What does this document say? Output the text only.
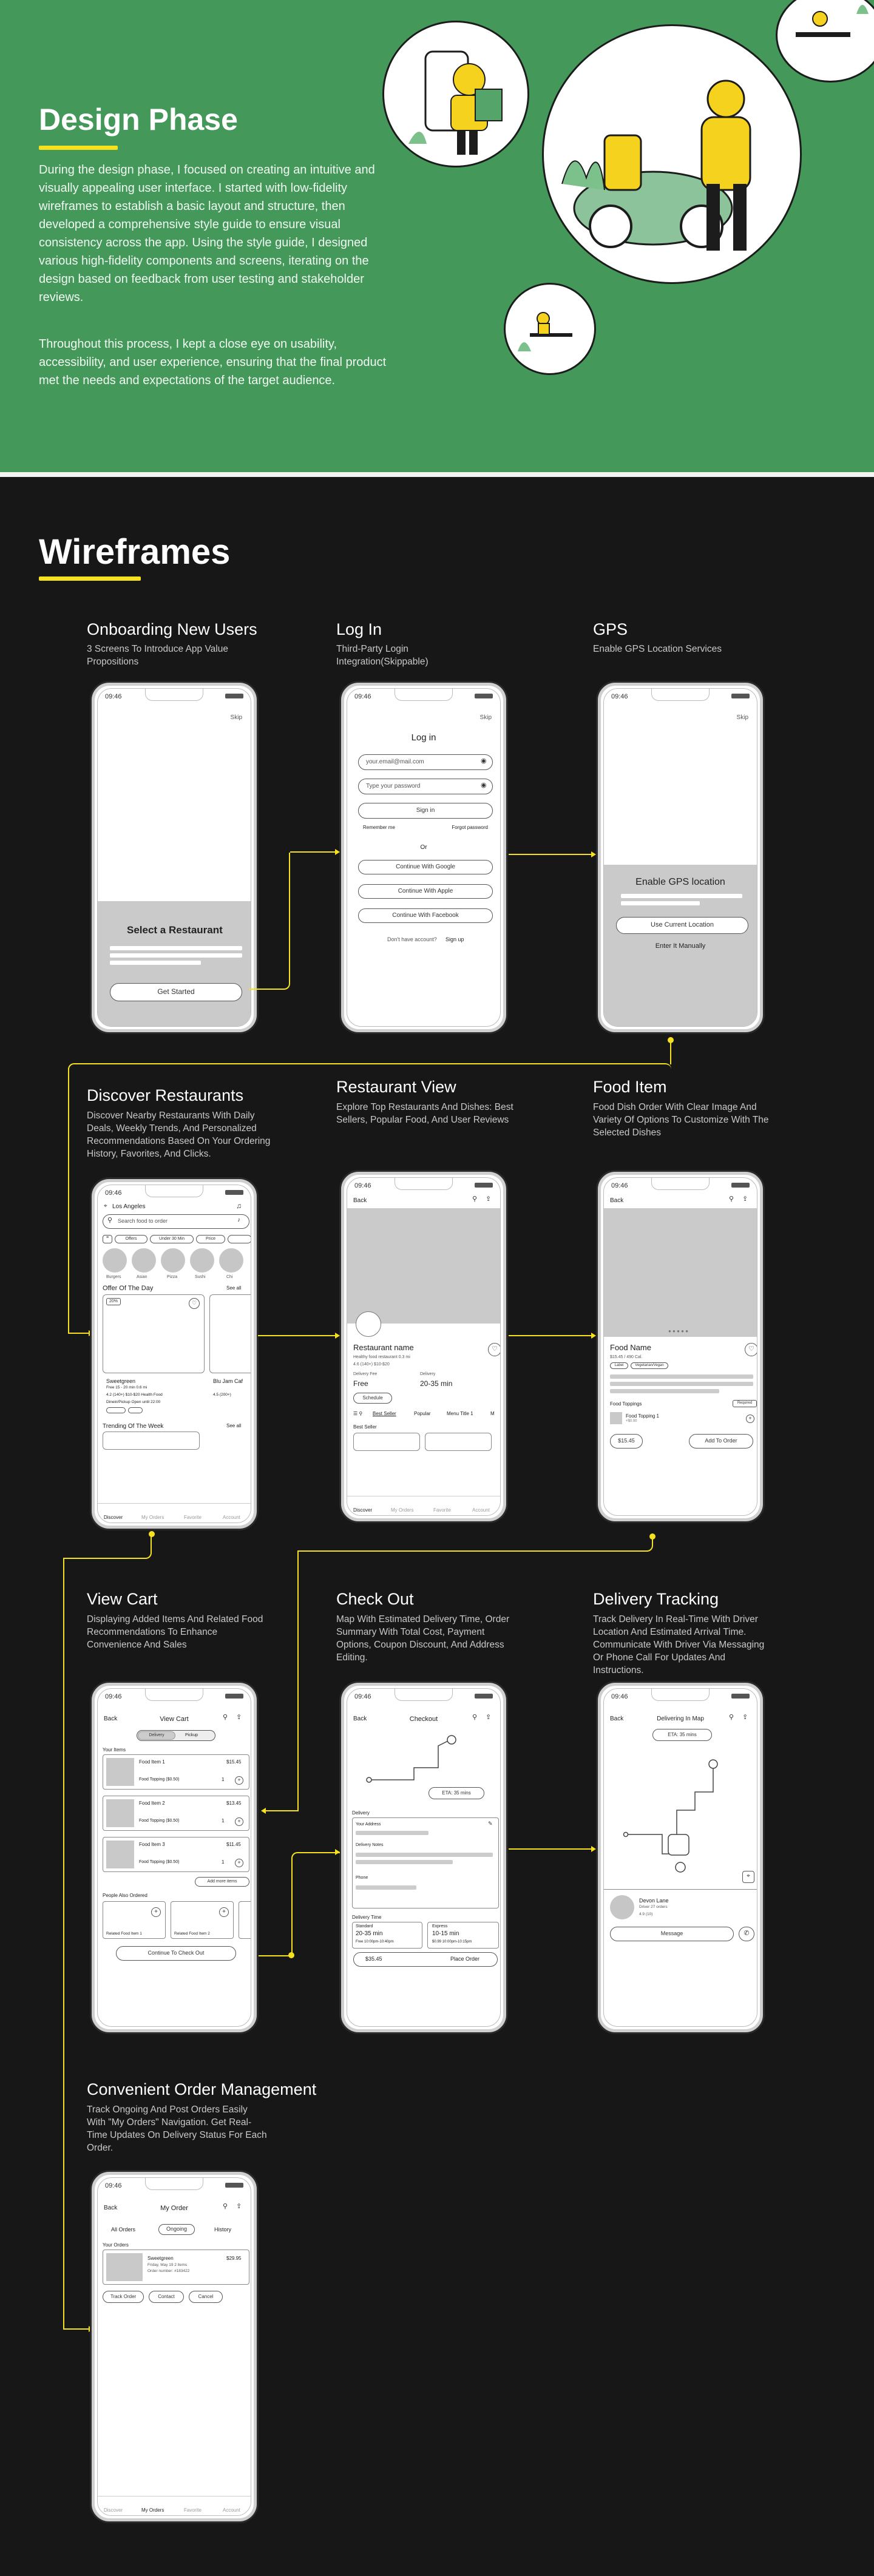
Design Phase
During the design phase, I focused on creating an intuitive and visually appealing user interface. I started with low-fidelity wireframes to establish a basic layout and structure, then developed a comprehensive style guide to ensure visual consistency across the app. Using the style guide, I designed various high-fidelity components and screens, iterating on the design based on feedback from user testing and stakeholder reviews.
Throughout this process, I kept a close eye on usability, accessibility, and user experience, ensuring that the final product met the needs and expectations of the target audience.
Wireframes
Onboarding New Users
3 Screens To Introduce App Value Propositions
Log In
Third-Party Login Integration(Skippable)
GPS
Enable GPS Location Services
09:46
Skip
Select a Restaurant
Get Started
09:46
Skip
Log in
your.email@mail.com	◉
Type your password	◉
Sign in
Remember me	Forgot password
Or
Continue With Google
Continue With Apple
Continue With Facebook
Don't have account? Sign up
09:46
Skip
Enable GPS location
Use Current Location
Enter It Manually
Discover Restaurants
Discover Nearby Restaurants With Daily Deals, Weekly Trends, And Personalized Recommendations Based On Your Ordering History, Favorites, And Clicks.
Restaurant View
Explore Top Restaurants And Dishes: Best Sellers, Popular Food, And User Reviews
Food Item
Food Dish Order With Clear Image And Variety Of Options To Customize With The Selected Dishes
09:46
⌖ Los Angeles	♫
Search food to order
⚲	♪
≡	Offers	Under 30 Min	Price
Burgers	Asian	Pizza	Sushi	Chi
Offer Of The Day	See all
20%	♡
Sweetgreen
Free 15 - 20 min 0.6 mi
4.2 (140+) $10-$20 Health Food
Dinein/Pickup Open until 22:00
Blu Jam Caf
4.5 (200+)
Trending Of The Week	See all
Discover	My Orders	Favorite	Account
09:46
Back	⚲ ⇪
Restaurant name	♡
Healthy food restaurant 0.3 mi
4.6 (140+) $10-$20
Delivery Fee
Free
Delivery
20-35 min
Schedule
☰ ⚲ Best Seller	Popular	Menu Title 1	M
Best Seller
Discover	My Orders	Favorite	Account
09:46
Back	⚲ ⇪
● ● ● ● ●
Food Name	♡
$15.45 / 490 Cal.
Label	Vegetarian/Vegan
Food Toppings	Required
Food Topping 1
+$0.00	+
$15.45	Add To Order
View Cart
Displaying Added Items And Related Food Recommendations To Enhance Convenience And Sales
Check Out
Map With Estimated Delivery Time, Order Summary With Total Cost, Payment Options, Coupon Discount, And Address Editing.
Delivery Tracking
Track Delivery In Real-Time With Driver Location And Estimated Arrival Time. Communicate With Driver Via Messaging Or Phone Call For Updates And Instructions.
09:46
Back	View Cart	⚲ ⇪
Delivery	Pickup
Your Items
Food Item 1	$15.45
Food Topping ($0.50)	1	+
Food Item 2	$13.45
Food Topping ($0.50)	1	+
Food Item 3	$11.45
Food Topping ($0.50)	1	+
Add more items
People Also Ordered
+
Related Food Item 1
+
Related Food Item 2
Continue To Check Out
09:46
Back	Checkout	⚲ ⇪
ETA: 35 mins
Delivery
Your Address	✎
Delivery Notes
Phone
Delivery Time
Standard
20-35 min
Free 10:00pm-10:40pm
Express
10-15 min
$0.99 10:00pm-10:15pm
$35.45	Place Order
09:46
Back	Delivering In Map	⚲ ⇪
ETA: 35 mins
⌖
Devon Lane
Driver 27 orders
4.9 (10)
Message	✆
Convenient Order Management
Track Ongoing And Post Orders Easily With "My Orders" Navigation. Get Real-Time Updates On Delivery Status For Each Order.
09:46
Back	My Order	⚲ ⇪
All Orders	Ongoing	History
Your Orders
Sweetgreen	$29.95
Friday, May 19 2 items
Order number: #183422
Track Order	Contact	Cancel
Discover	My Orders	Favorite	Account
